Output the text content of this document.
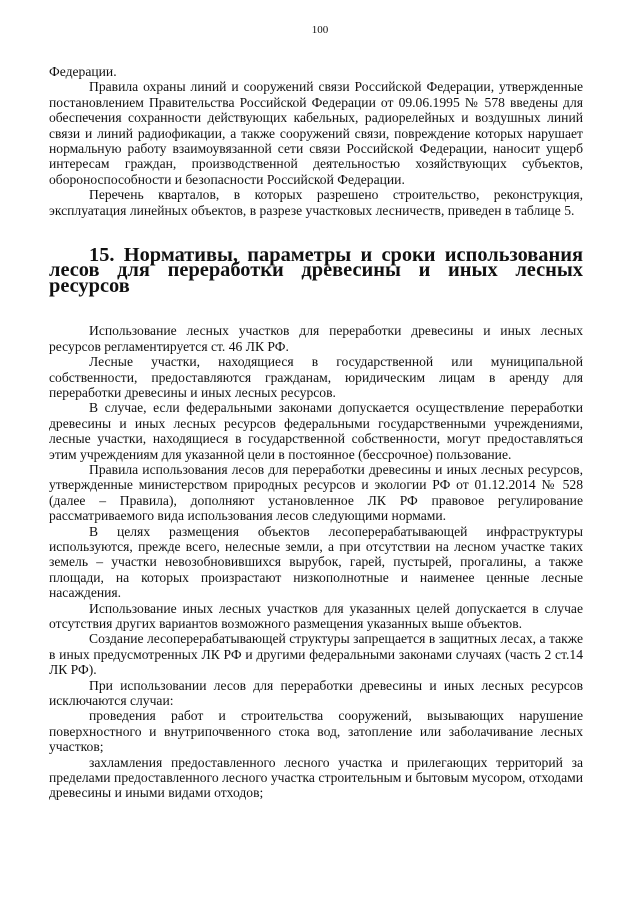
100

Федерации.

Правила охраны линий и сооружений связи Российской Федерации, утвержденные постановлением Правительства Российской Федерации от 09.06.1995 № 578 введены для обеспечения сохранности действующих кабельных, радиорелейных и воздушных линий связи и линий радиофикации, а также сооружений связи, повреждение которых нарушает нормальную работу взаимоувязанной сети связи Российской Федерации, наносит ущерб интересам граждан, производственной деятельностью хозяйствующих субъектов, обороноспособности и безопасности Российской Федерации.

Перечень кварталов, в которых разрешено строительство, реконструкция, эксплуатация линейных объектов, в разрезе участковых лесничеств, приведен в таблице 5.

15. Нормативы, параметры и сроки использования лесов для переработки древесины и иных лесных ресурсов

Использование лесных участков для переработки древесины и иных лесных ресурсов регламентируется ст. 46 ЛК РФ.

Лесные участки, находящиеся в государственной или муниципальной собственности, предоставляются гражданам, юридическим лицам в аренду для переработки древесины и иных лесных ресурсов.

В случае, если федеральными законами допускается осуществление переработки древесины и иных лесных ресурсов федеральными государственными учреждениями, лесные участки, находящиеся в государственной собственности, могут предоставляться этим учреждениям для указанной цели в постоянное (бессрочное) пользование.

Правила использования лесов для переработки древесины и иных лесных ресурсов, утвержденные министерством природных ресурсов и экологии РФ от 01.12.2014 № 528 (далее – Правила), дополняют установленное ЛК РФ правовое регулирование рассматриваемого вида использования лесов следующими нормами.

В целях размещения объектов лесоперерабатывающей инфраструктуры используются, прежде всего, нелесные земли, а при отсутствии на лесном участке таких земель – участки невозобновившихся вырубок, гарей, пустырей, прогалины, а также площади, на которых произрастают низкополнотные и наименее ценные лесные насаждения.

Использование иных лесных участков для указанных целей допускается в случае отсутствия других вариантов возможного размещения указанных выше объектов.

Создание лесоперерабатывающей структуры запрещается в защитных лесах, а также в иных предусмотренных ЛК РФ и другими федеральными законами случаях (часть 2 ст.14 ЛК РФ).

При использовании лесов для переработки древесины и иных лесных ресурсов исключаются случаи:

проведения работ и строительства сооружений, вызывающих нарушение поверхностного и внутрипочвенного стока вод, затопление или заболачивание лесных участков;

захламления предоставленного лесного участка и прилегающих территорий за пределами предоставленного лесного участка строительным и бытовым мусором, отходами древесины и иными видами отходов;
